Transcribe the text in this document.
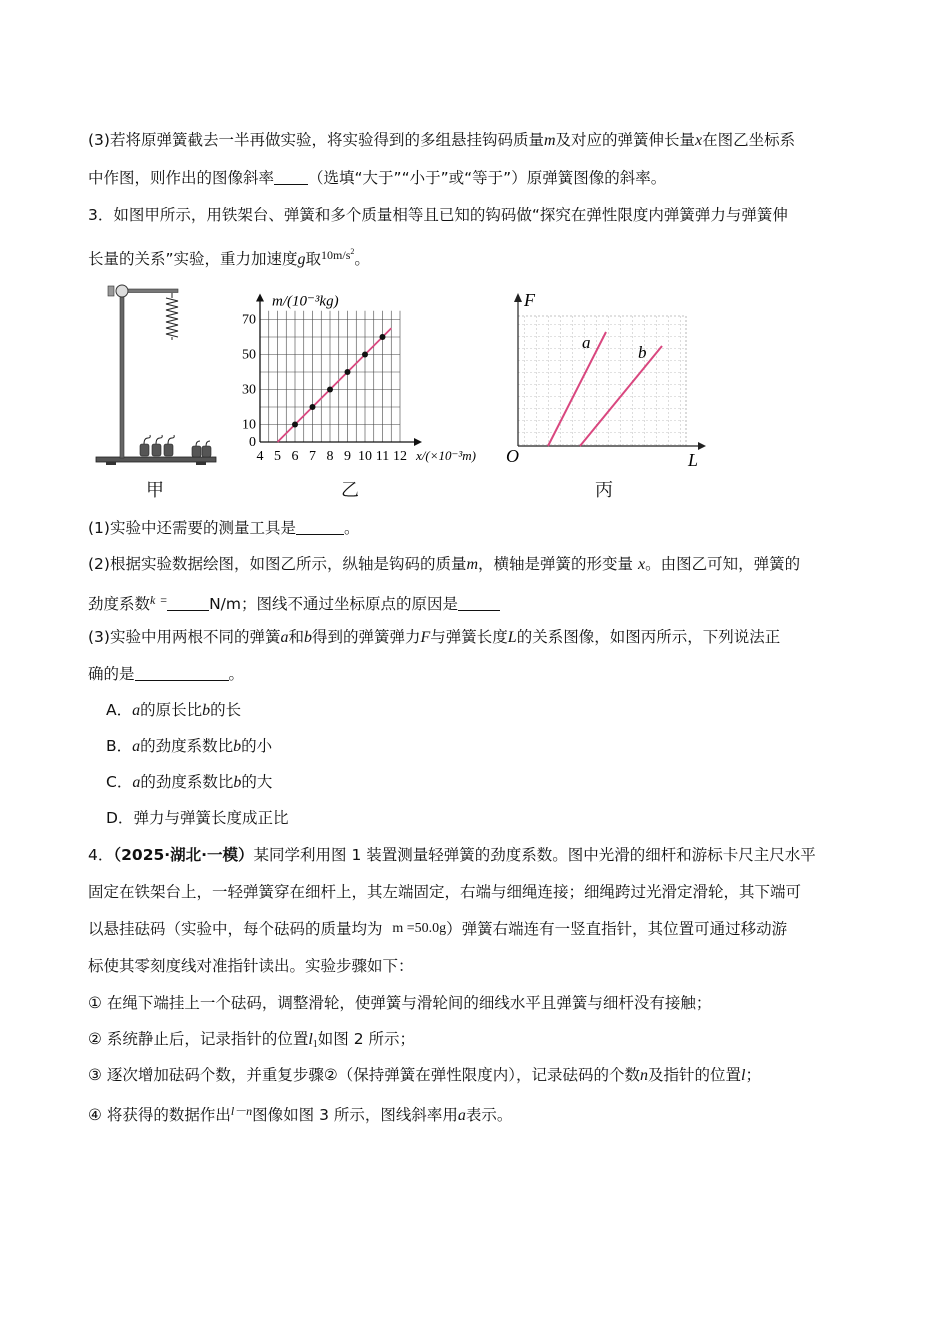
(3)若将原弹簧截去一半再做实验，将实验得到的多组悬挂钩码质量m及对应的弹簧伸长量x在图乙坐标系
中作图，则作出的图像斜率 （选填“大于”“小于”或“等于”）原弹簧图像的斜率。
3．如图甲所示，用铁架台、弹簧和多个质量相等且已知的钩码做“探究在弹性限度内弹簧弹力与弹簧伸
长量的关系”实验，重力加速度g取$^{10m/s2}$。
甲
4 5 6 7 8 9 10 11 12
0
10
30
50
70
m/(10⁻³kg)
x/(×10⁻³m)
乙
F
L
O
a
b
丙
(1)实验中还需要的测量工具是	。
(2)根据实验数据绘图，如图乙所示，纵轴是钩码的质量m，横轴是弹簧的形变量 x。由图乙可知，弹簧的
劲度系数$^k$ =	N/m；图线不通过坐标原点的原因是
(3)实验中用两根不同的弹簧a和b得到的弹簧弹力F与弹簧长度L的关系图像，如图丙所示，下列说法正
确的是	。
A．a的原长比b的长
B．a的劲度系数比b的小
C．a的劲度系数比b的大
D．弹力与弹簧长度成正比
4．（2025·湖北·一模）某同学利用图 1 装置测量轻弹簧的劲度系数。图中光滑的细杆和游标卡尺主尺水平
固定在铁架台上，一轻弹簧穿在细杆上，其左端固定，右端与细绳连接；细绳跨过光滑定滑轮，其下端可
以悬挂砝码（实验中，每个砝码的质量均为 m =50.0g）弹簧右端连有一竖直指针，其位置可通过移动游
标使其零刻度线对准指针读出。实验步骤如下：
① 在绳下端挂上一个砝码，调整滑轮，使弹簧与滑轮间的细线水平且弹簧与细杆没有接触；
② 系统静止后，记录指针的位置l1如图 2 所示；
③ 逐次增加砝码个数，并重复步骤②（保持弹簧在弹性限度内），记录砝码的个数n及指针的位置l；
④ 将获得的数据作出$^{l-n}$图像如图 3 所示，图线斜率用a表示。
